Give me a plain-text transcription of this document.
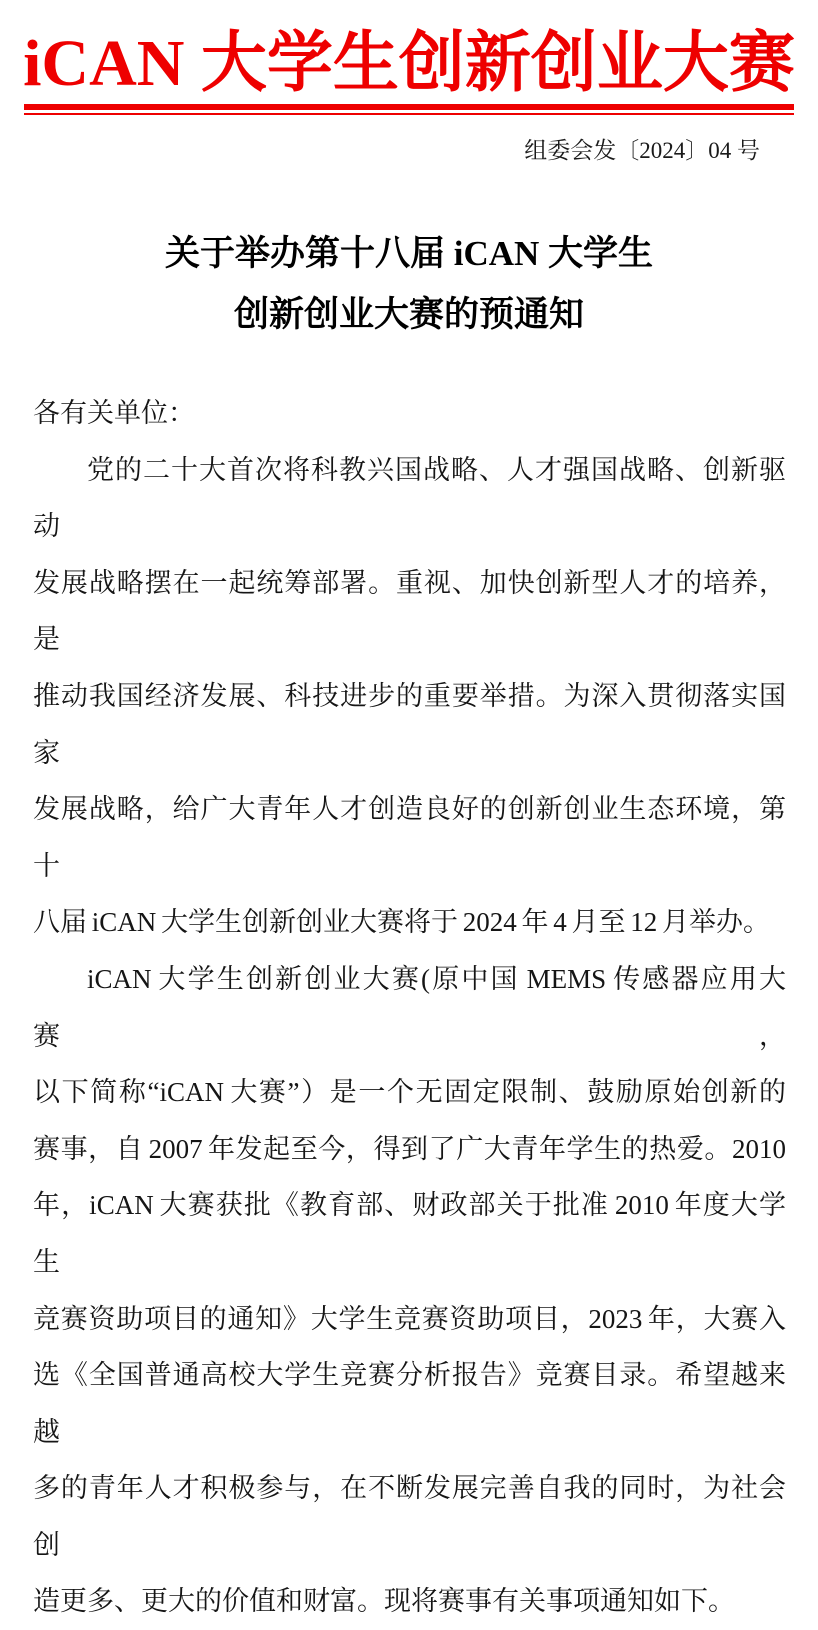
iCAN 大学生创新创业大赛
组委会发〔2024〕04 号
关于举办第十八届 iCAN 大学生
创新创业大赛的预通知
各有关单位：
党的二十大首次将科教兴国战略、人才强国战略、创新驱动
发展战略摆在一起统筹部署。重视、加快创新型人才的培养，是
推动我国经济发展、科技进步的重要举措。为深入贯彻落实国家
发展战略，给广大青年人才创造良好的创新创业生态环境，第十
八届 iCAN 大学生创新创业大赛将于 2024 年 4 月至 12 月举办。
iCAN 大学生创新创业大赛(原中国 MEMS 传感器应用大赛，
以下简称“iCAN 大赛”）是一个无固定限制、鼓励原始创新的
赛事，自 2007 年发起至今，得到了广大青年学生的热爱。2010
年，iCAN 大赛获批《教育部、财政部关于批准 2010 年度大学生
竞赛资助项目的通知》大学生竞赛资助项目，2023 年，大赛入
选《全国普通高校大学生竞赛分析报告》竞赛目录。希望越来越
多的青年人才积极参与，在不断发展完善自我的同时，为社会创
造更多、更大的价值和财富。现将赛事有关事项通知如下。
